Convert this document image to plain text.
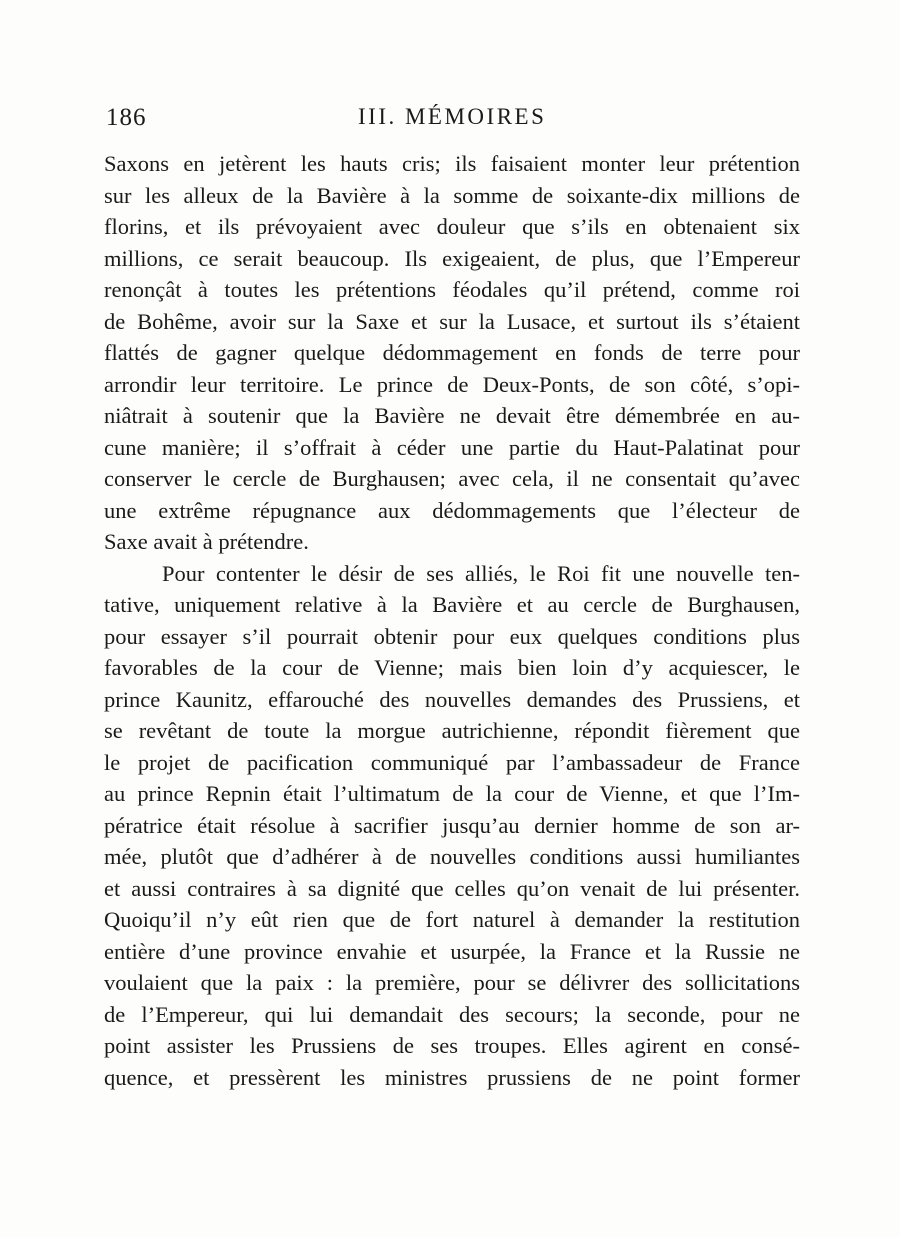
186	III. MÉMOIRES
Saxons en jetèrent les hauts cris; ils faisaient monter leur prétention
sur les alleux de la Bavière à la somme de soixante-dix millions de
florins, et ils prévoyaient avec douleur que s’ils en obtenaient six
millions, ce serait beaucoup. Ils exigeaient, de plus, que l’Empereur
renonçât à toutes les prétentions féodales qu’il prétend, comme roi
de Bohême, avoir sur la Saxe et sur la Lusace, et surtout ils s’étaient
flattés de gagner quelque dédommagement en fonds de terre pour
arrondir leur territoire. Le prince de Deux-Ponts, de son côté, s’opi-
niâtrait à soutenir que la Bavière ne devait être démembrée en au-
cune manière; il s’offrait à céder une partie du Haut-Palatinat pour
conserver le cercle de Burghausen; avec cela, il ne consentait qu’avec
une extrême répugnance aux dédommagements que l’électeur de
Saxe avait à prétendre.
Pour contenter le désir de ses alliés, le Roi fit une nouvelle ten-
tative, uniquement relative à la Bavière et au cercle de Burghausen,
pour essayer s’il pourrait obtenir pour eux quelques conditions plus
favorables de la cour de Vienne; mais bien loin d’y acquiescer, le
prince Kaunitz, effarouché des nouvelles demandes des Prussiens, et
se revêtant de toute la morgue autrichienne, répondit fièrement que
le projet de pacification communiqué par l’ambassadeur de France
au prince Repnin était l’ultimatum de la cour de Vienne, et que l’Im-
pératrice était résolue à sacrifier jusqu’au dernier homme de son ar-
mée, plutôt que d’adhérer à de nouvelles conditions aussi humiliantes
et aussi contraires à sa dignité que celles qu’on venait de lui présenter.
Quoiqu’il n’y eût rien que de fort naturel à demander la restitution
entière d’une province envahie et usurpée, la France et la Russie ne
voulaient que la paix : la première, pour se délivrer des sollicitations
de l’Empereur, qui lui demandait des secours; la seconde, pour ne
point assister les Prussiens de ses troupes. Elles agirent en consé-
quence, et pressèrent les ministres prussiens de ne point former
